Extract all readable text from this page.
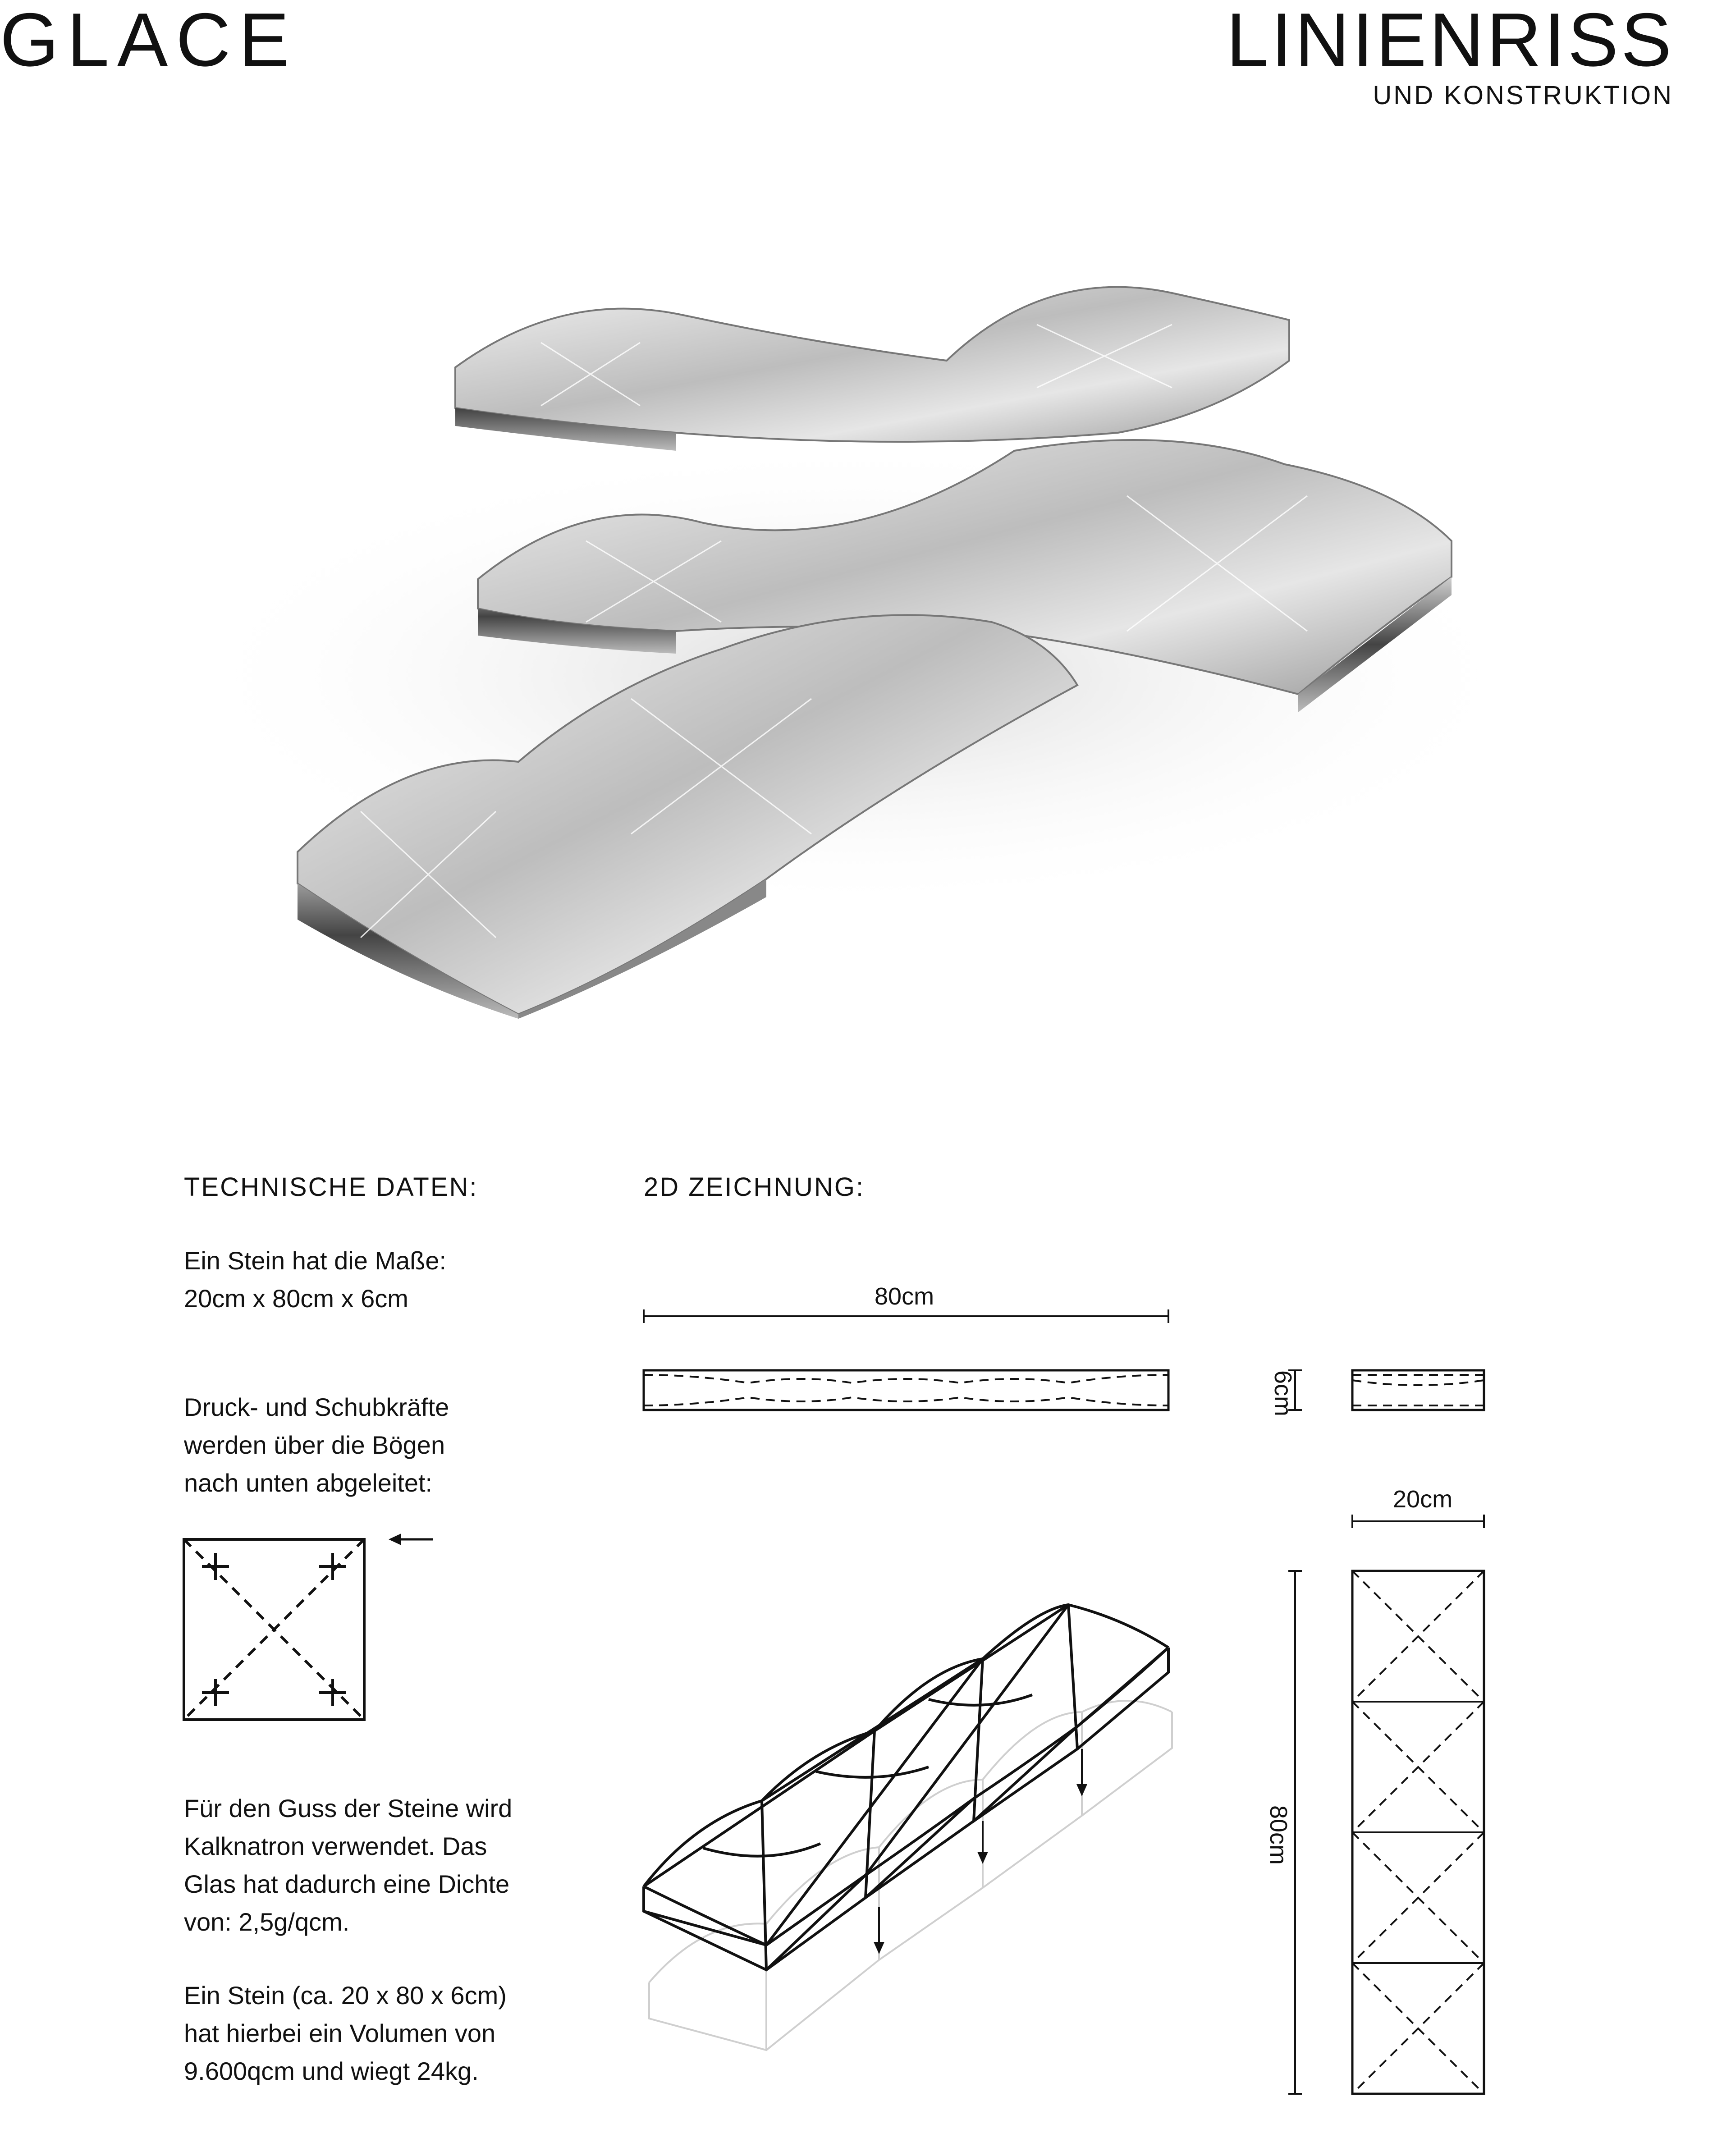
GLACE	LINIENRISS
UND KONSTRUKTION
TECHNISCHE DATEN:	2D ZEICHNUNG:
Ein Stein hat die Maße:
20cm x 80cm x 6cm
Druck- und Schubkräfte
werden über die Bögen
nach unten abgeleitet:
Für den Guss der Steine wird
Kalknatron verwendet. Das
Glas hat dadurch eine Dichte
von: 2,5g/qcm.
Ein Stein (ca. 20 x 80 x 6cm)
hat hierbei ein Volumen von
9.600qcm und wiegt 24kg.
80cm
6cm
20cm
80cm
